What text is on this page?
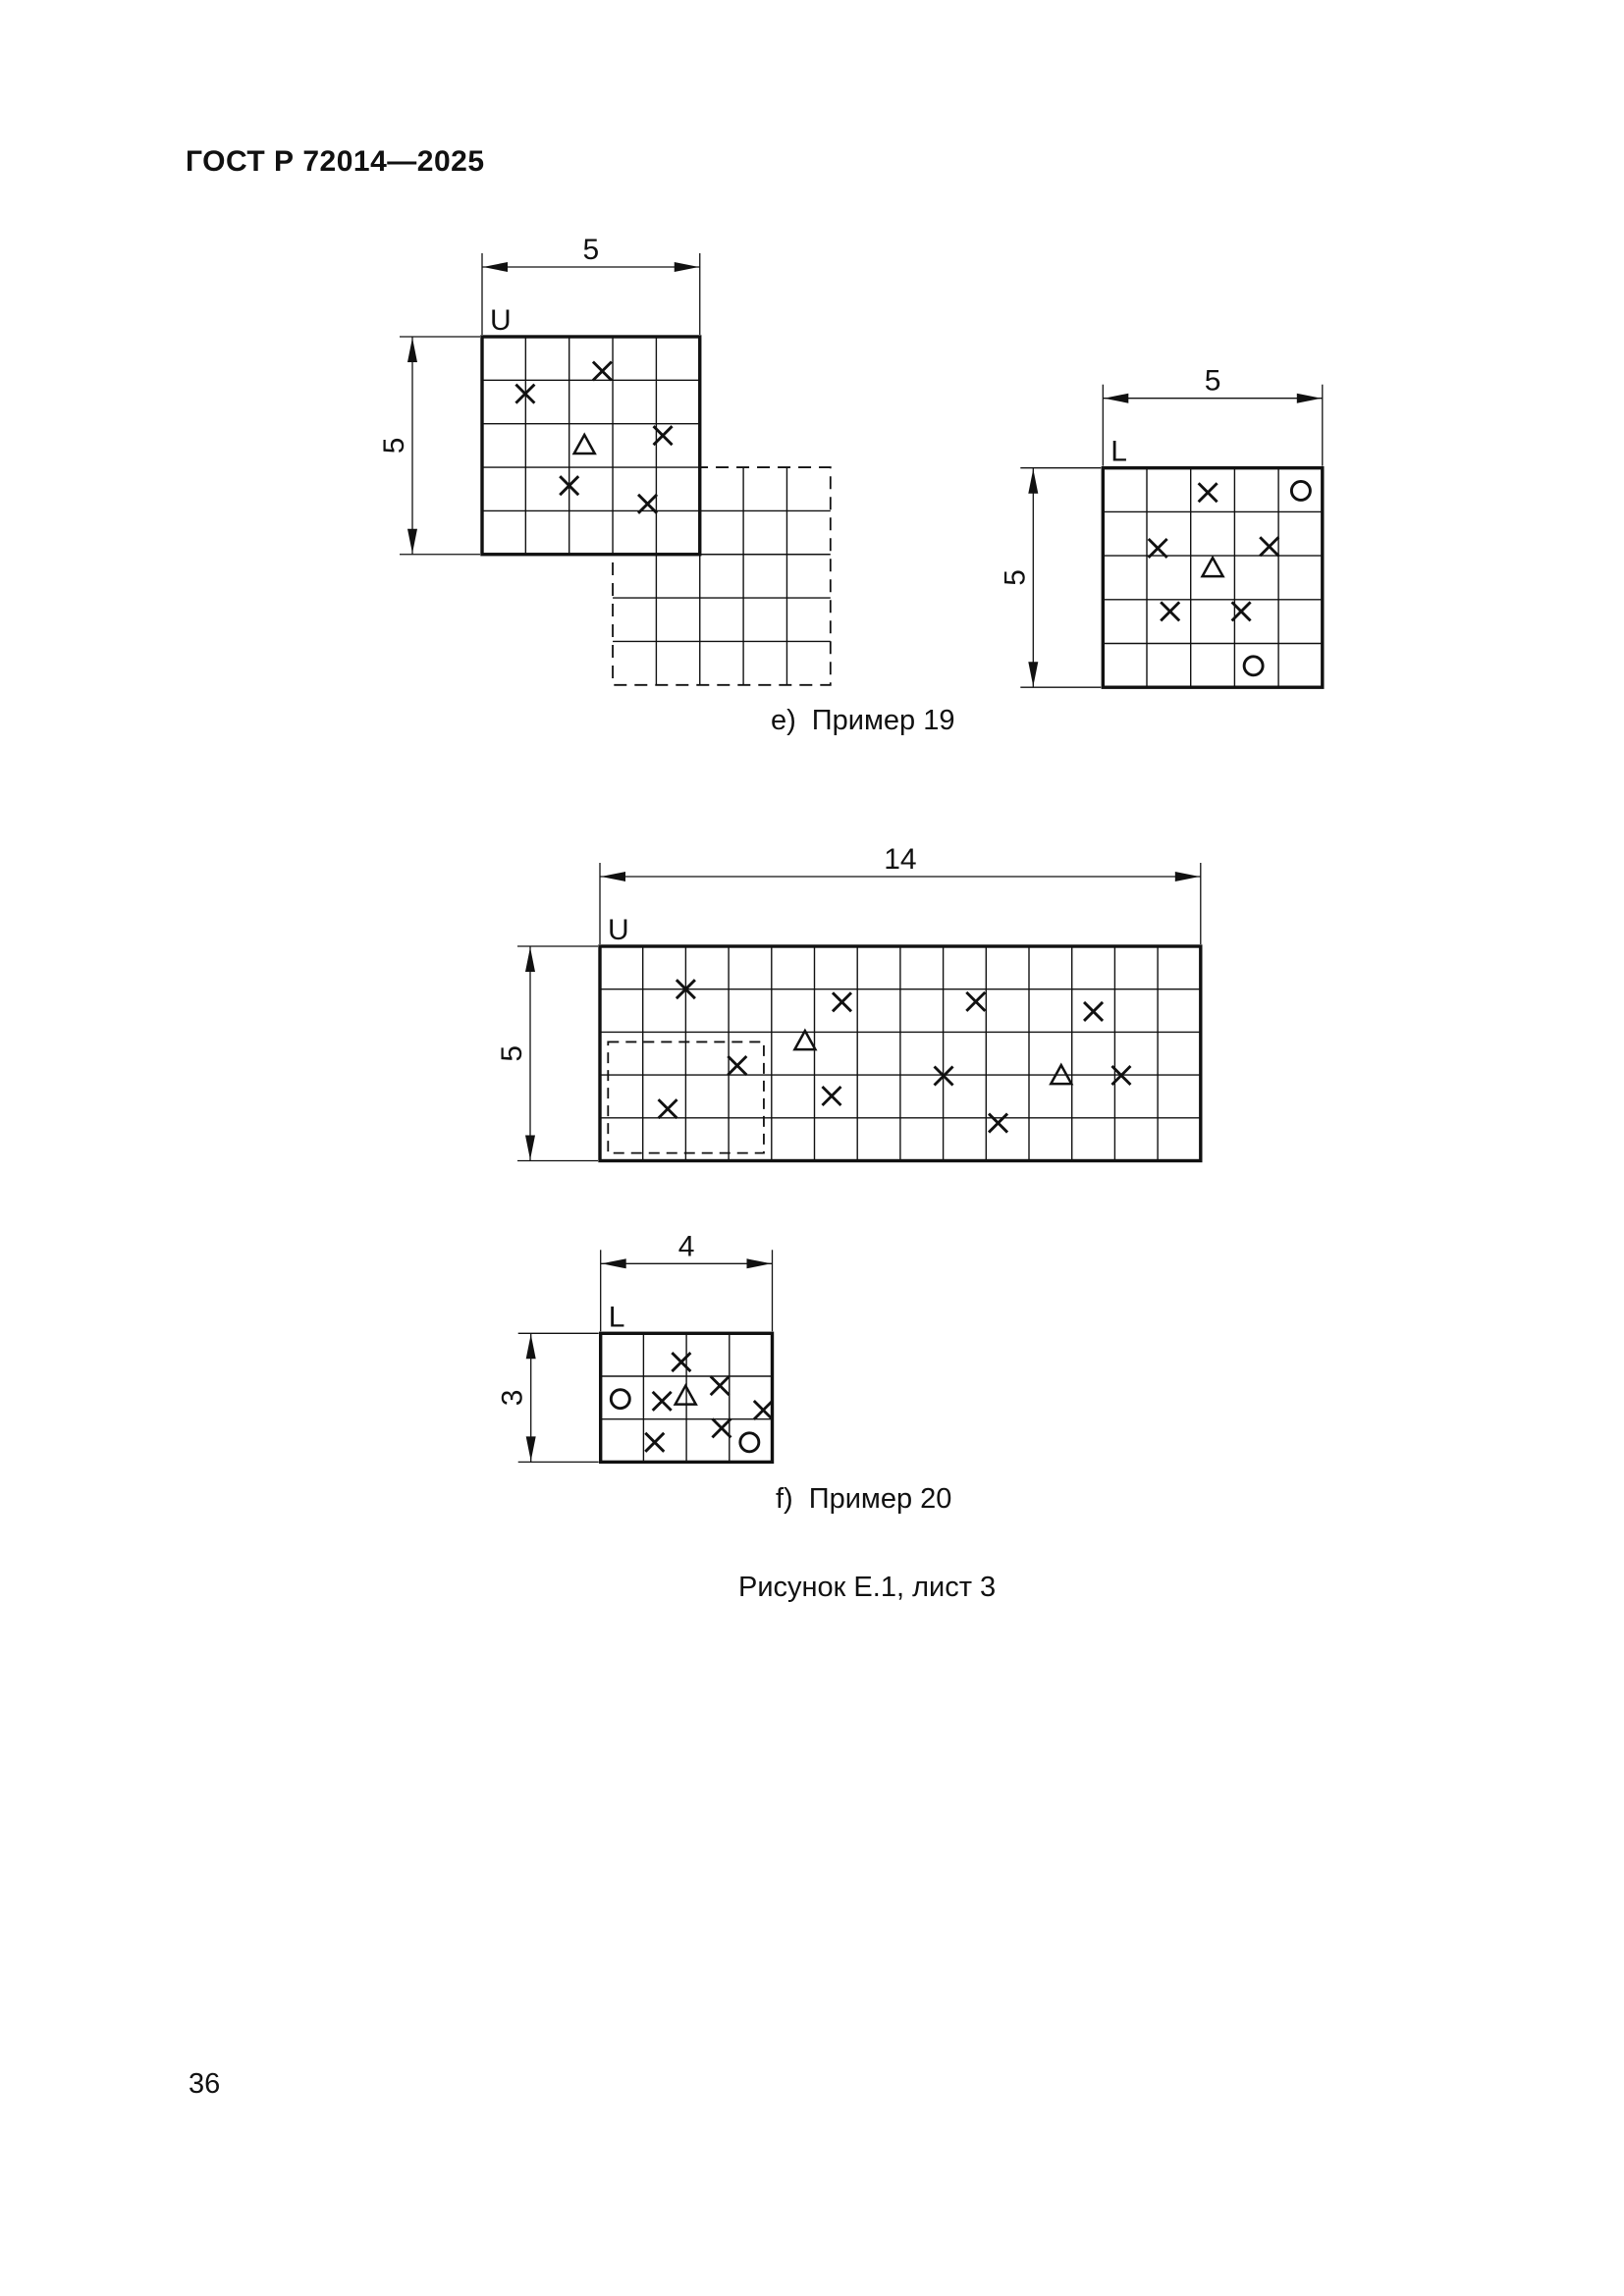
ГОСТ Р 72014—2025
U
5
5	L
5
5
U
14
5
L
4
3
е) Пример 19
f) Пример 20
Рисунок Е.1, лист 3
36
